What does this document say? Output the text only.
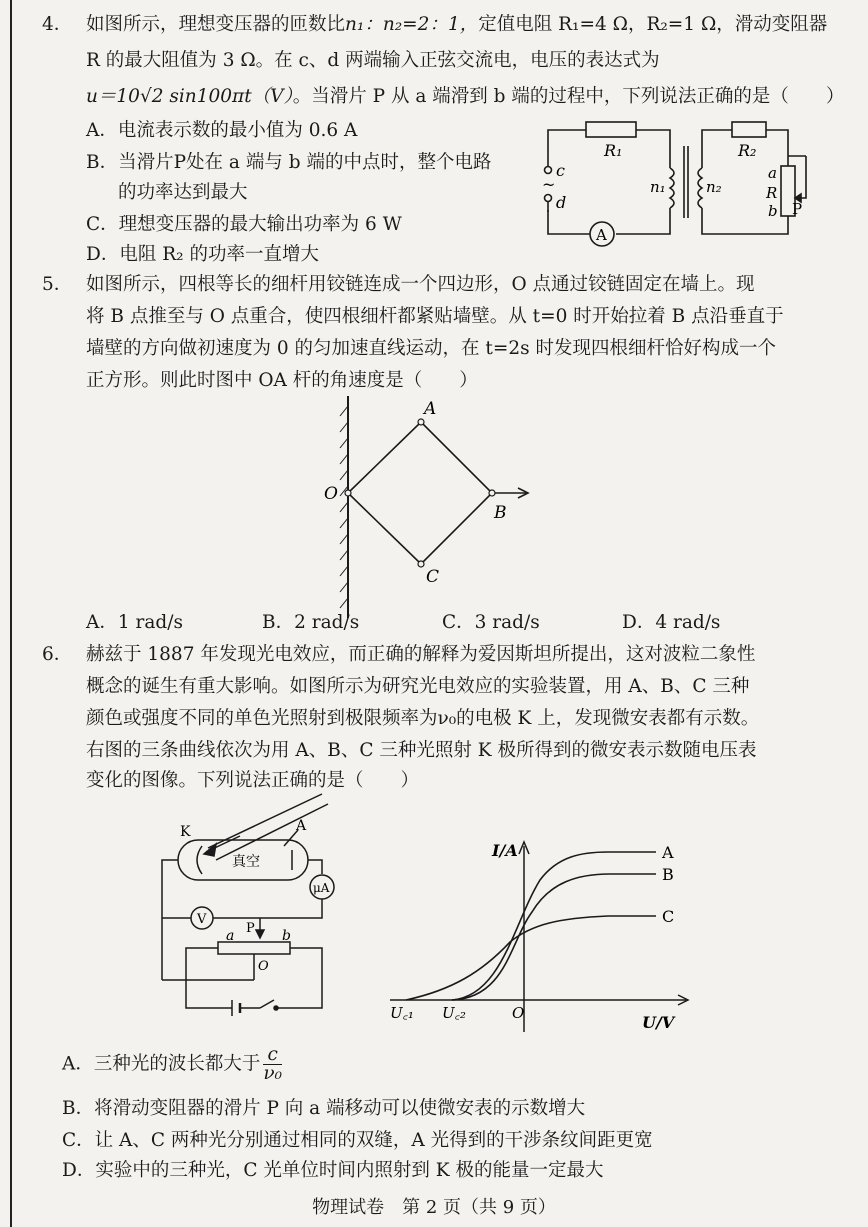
4． 如图所示，理想变压器的匝数比n₁：n₂=2：1，定值电阻 R₁=4 Ω，R₂=1 Ω，滑动变阻器
R 的最大阻值为 3 Ω。在 c、d 两端输入正弦交流电，电压的表达式为
u＝10√2 sin100πt（V）。当滑片 P 从 a 端滑到 b 端的过程中，下列说法正确的是（　　）
A．电流表示数的最小值为 0.6 A
B．当滑片P处在 a 端与 b 端的中点时，整个电路
的功率达到最大
C．理想变压器的最大输出功率为 6 W
D．电阻 R₂ 的功率一直增大
R₁	R₂
n₁	n₂
c
~
d
A
a
R
b P
5． 如图所示，四根等长的细杆用铰链连成一个四边形，O 点通过铰链固定在墙上。现
将 B 点推至与 O 点重合，使四根细杆都紧贴墙壁。从 t=0 时开始拉着 B 点沿垂直于
墙壁的方向做初速度为 0 的匀加速直线运动，在 t=2s 时发现四根细杆恰好构成一个
正方形。则此时图中 OA 杆的角速度是（　　）
O
A
B
C
A．1 rad/s	B．2 rad/s	C．3 rad/s	D．4 rad/s
6． 赫兹于 1887 年发现光电效应，而正确的解释为爱因斯坦所提出，这对波粒二象性
概念的诞生有重大影响。如图所示为研究光电效应的实验装置，用 A、B、C 三种
颜色或强度不同的单色光照射到极限频率为ν₀的电极 K 上，发现微安表都有示数。
右图的三条曲线依次为用 A、B、C 三种光照射 K 极所得到的微安表示数随电压表
变化的图像。下列说法正确的是（　　）
K	A
真空
μA
V
P
a	b
O
I/A
U/V
U꜀₁ U꜀₂	O
A
B
C
A．三种光的波长都大于 $\frac{c}{\text{ν₀}}$
B．将滑动变阻器的滑片 P 向 a 端移动可以使微安表的示数增大
C．让 A、C 两种光分别通过相同的双缝，A 光得到的干涉条纹间距更宽
D．实验中的三种光，C 光单位时间内照射到 K 极的能量一定最大
物理试卷　第 2 页（共 9 页）
